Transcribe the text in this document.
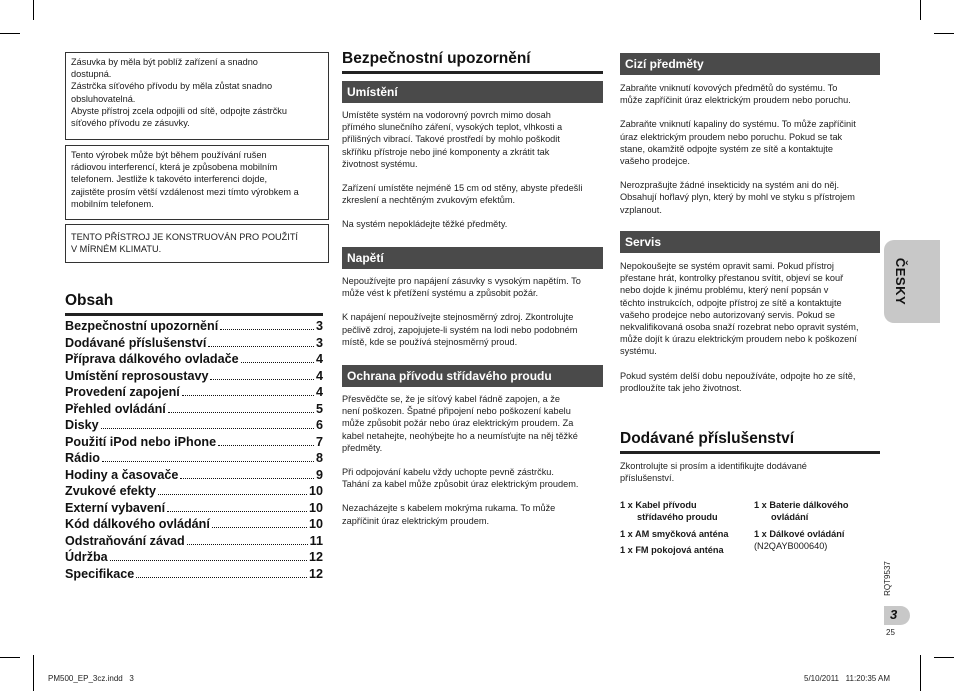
Zásuvka by měla být poblíž zařízení a snadno

dostupná.

Zástrčka síťového přívodu by měla zůstat snadno

obsluhovatelná.

Abyste přístroj zcela odpojili od sítě, odpojte zástrčku

síťového přívodu ze zásuvky.

Tento výrobek může být během používání rušen

rádiovou interferencí, která je způsobena mobilním

telefonem. Jestliže k takovéto interferenci dojde,

zajistěte prosím větší vzdálenost mezi tímto výrobkem a

mobilním telefonem.

TENTO PŘÍSTROJ JE KONSTRUOVÁN PRO POUŽITÍ

V MÍRNÉM KLIMATU.

Obsah
Bezpečnostní upozornění	3
Dodávané příslušenství	3
Příprava dálkového ovladače	4
Umístění reprosoustavy	4
Provedení zapojení	4
Přehled ovládání	5
Disky	6
Použití iPod nebo iPhone	7
Rádio	8
Hodiny a časovače	9
Zvukové efekty	10
Externí vybavení	10
Kód dálkového ovládání	10
Odstraňování závad	11
Údržba	12
Specifikace	12
Bezpečnostní upozornění
Umístění

Umístěte systém na vodorovný povrch mimo dosah
přímého slunečního záření, vysokých teplot, vlhkosti a
přílišných vibrací. Takové prostředí by mohlo poškodit
skříňku přístroje nebo jiné komponenty a zkrátit tak
životnost systému.

Zařízení umístěte nejméně 15 cm od stěny, abyste předešli
zkreslení a nechtěným zvukovým efektům.

Na systém nepokládejte těžké předměty.

Napětí

Nepoužívejte pro napájení zásuvky s vysokým napětím. To
může vést k přetížení systému a způsobit požár.

K napájení nepoužívejte stejnosměrný zdroj. Zkontrolujte
pečlivě zdroj, zapojujete-li systém na lodi nebo podobném
místě, kde se používá stejnosměrný proud.

Ochrana přívodu střídavého proudu

Přesvědčte se, že je síťový kabel řádně zapojen, a že
není poškozen. Špatné připojení nebo poškození kabelu
může způsobit požár nebo úraz elektrickým proudem. Za
kabel netahejte, neohýbejte ho a neumísťujte na něj těžké
předměty.

Při odpojování kabelu vždy uchopte pevně zástrčku.
Tahání za kabel může způsobit úraz elektrickým proudem.

Nezacházejte s kabelem mokrýma rukama. To může
zapříčinit úraz elektrickým proudem.

Cizí předměty

Zabraňte vniknutí kovových předmětů do systému. To
může zapříčinit úraz elektrickým proudem nebo poruchu.

Zabraňte vniknutí kapaliny do systému. To může zapříčinit
úraz elektrickým proudem nebo poruchu. Pokud se tak
stane, okamžitě odpojte systém ze sítě a kontaktujte
vašeho prodejce.

Nerozprašujte žádné insekticidy na systém ani do něj.
Obsahují hořlavý plyn, který by mohl ve styku s přístrojem
vzplanout.

Servis

Nepokoušejte se systém opravit sami. Pokud přístroj
přestane hrát, kontrolky přestanou svítit, objeví se kouř
nebo dojde k jinému problému, který není popsán v
těchto instrukcích, odpojte přístroj ze sítě a kontaktujte
vašeho prodejce nebo autorizovaný servis. Pokud se
nekvalifikovaná osoba snaží rozebrat nebo opravit systém,
může dojít k úrazu elektrickým proudem nebo k poškození
systému.

Pokud systém delší dobu nepoužíváte, odpojte ho ze sítě,
prodloužíte tak jeho životnost.

Dodávané příslušenství
Zkontrolujte si prosím a identifikujte dodávané
příslušenství.
1 x Kabel přívodu
střídavého proudu
1 x Baterie dálkového
ovládání
1 x AM smyčková anténa	1 x Dálkové ovládání
(N2QAYB000640)
1 x FM pokojová anténa
ČESKY
RQT9537
3
25
PM500_EP_3cz.indd   3	5/10/2011   11:20:35 AM
